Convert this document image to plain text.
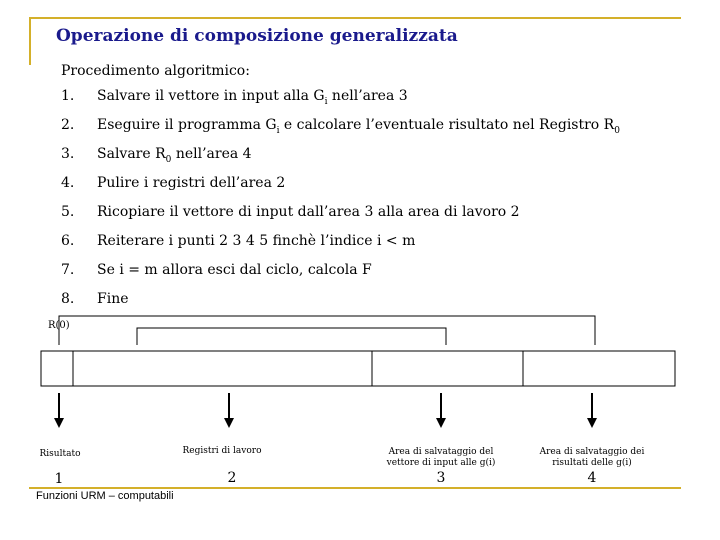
Operazione di composizione generalizzata
Procedimento algoritmico:
1. Salvare il vettore in input alla $G_i$ nell’area 3
2. Eseguire il programma $G_i$ e calcolare l’eventuale risultato nel Registro $R_0$
3. Salvare $R_0$ nell’area 4
4. Pulire i registri dell’area 2
5. Ricopiare il vettore di input dall’area 3 alla area di lavoro 2
6. Reiterare i punti 2 3 4 5 finchè l’indice i < m
7. Se i = m allora esci dal ciclo, calcola F
8. Fine
R(0)
Risultato	Registri di lavoro	Area di salvataggio del vettore di input alle g(i)
Area di salvataggio dei risultati delle g(i)
1	2	3	4
Funzioni URM – computabili
